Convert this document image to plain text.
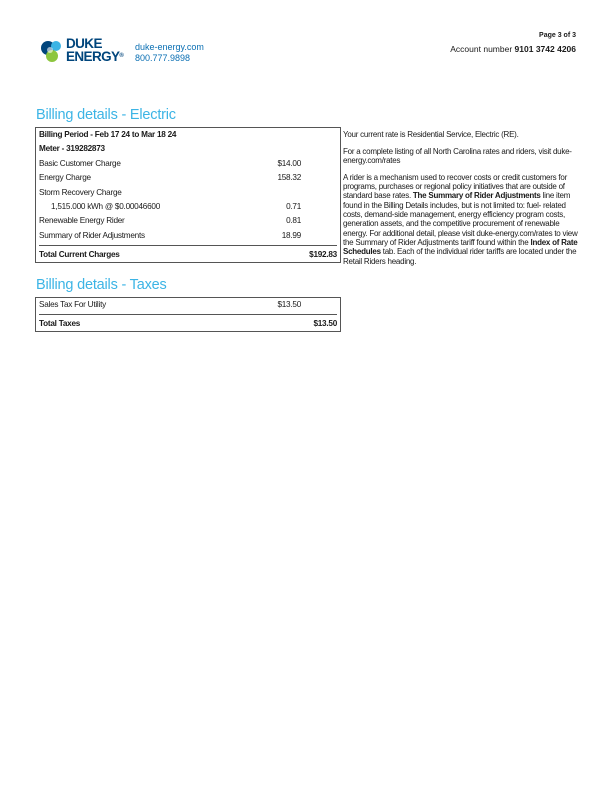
DUKE
ENERGY®
duke-energy.com
800.777.9898
Page 3 of 3
Account number 9101 3742 4206
Billing details - Electric
Billing Period - Feb 17 24 to Mar 18 24
Meter - 319282873
Basic Customer Charge	$14.00
Energy Charge	158.32
Storm Recovery Charge
1,515.000 kWh @ $0.00046600	0.71
Renewable Energy Rider	0.81
Summary of Rider Adjustments	18.99
Total Current Charges	$192.83
Billing details - Taxes
Sales Tax For Utility	$13.50
Total Taxes	$13.50

Your current rate is Residential Service, Electric (RE).

For a complete listing of all North Carolina rates and riders, visit duke-energy.com/rates

A rider is a mechanism used to recover costs or credit customers for programs, purchases or regional policy initiatives that are outside of standard base rates. The Summary of Rider Adjustments line item found in the Billing Details includes, but is not limited to: fuel- related costs, demand-side management, energy efficiency program costs, generation assets, and the competitive procurement of renewable energy. For additional detail, please visit duke-energy.com/rates to view the Summary of Rider Adjustments tariff found within the Index of Rate Schedules tab. Each of the individual rider tariffs are located under the Retail Riders heading.
